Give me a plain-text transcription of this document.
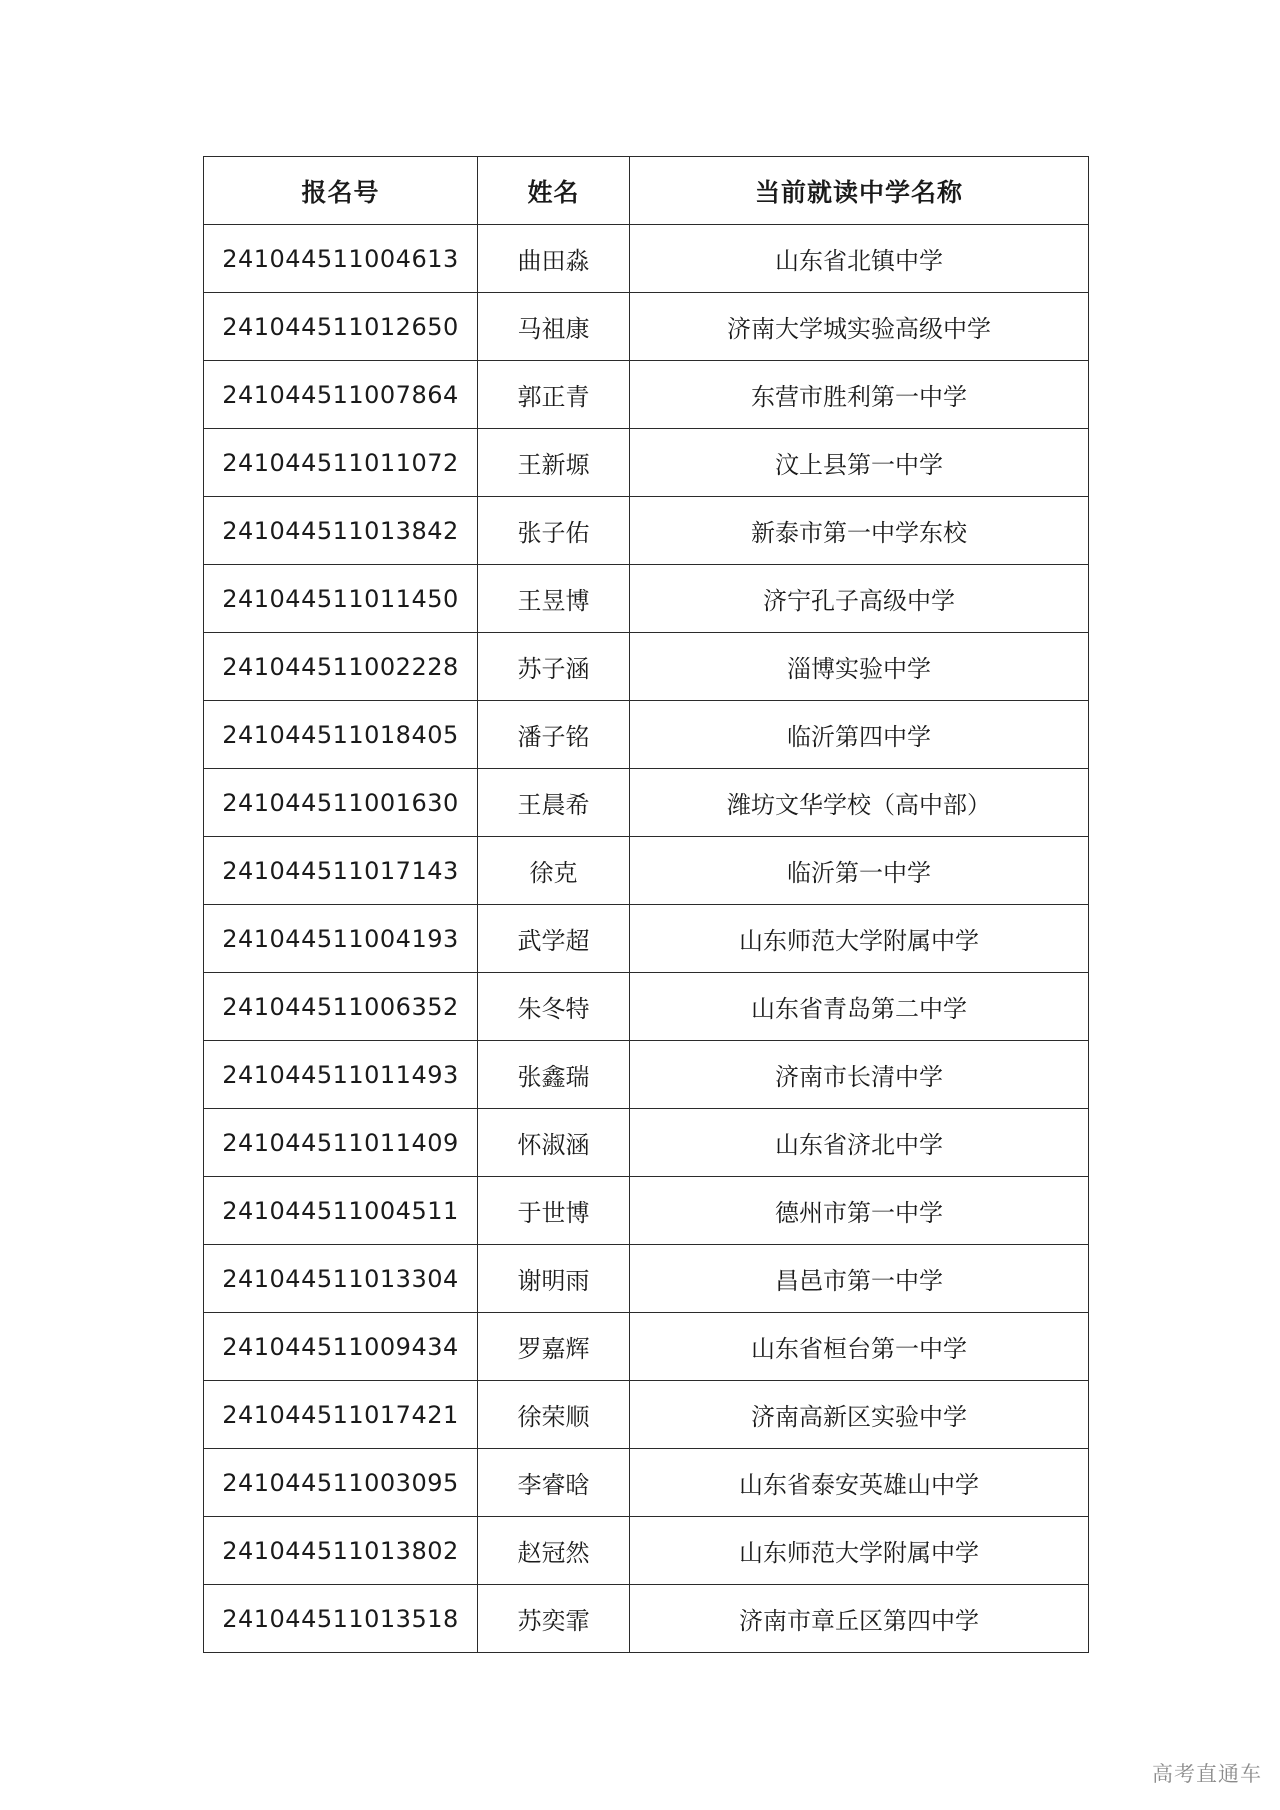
报名号	姓名	当前就读中学名称
241044511004613	曲田淼	山东省北镇中学
241044511012650	马祖康	济南大学城实验高级中学
241044511007864	郭正青	东营市胜利第一中学
241044511011072	王新塬	汶上县第一中学
241044511013842	张子佑	新泰市第一中学东校
241044511011450	王昱博	济宁孔子高级中学
241044511002228	苏子涵	淄博实验中学
241044511018405	潘子铭	临沂第四中学
241044511001630	王晨希	潍坊文华学校（高中部）
241044511017143	徐克	临沂第一中学
241044511004193	武学超	山东师范大学附属中学
241044511006352	朱冬特	山东省青岛第二中学
241044511011493	张鑫瑞	济南市长清中学
241044511011409	怀淑涵	山东省济北中学
241044511004511	于世博	德州市第一中学
241044511013304	谢明雨	昌邑市第一中学
241044511009434	罗嘉辉	山东省桓台第一中学
241044511017421	徐荣顺	济南高新区实验中学
241044511003095	李睿晗	山东省泰安英雄山中学
241044511013802	赵冠然	山东师范大学附属中学
241044511013518	苏奕霏	济南市章丘区第四中学
高考直通车
